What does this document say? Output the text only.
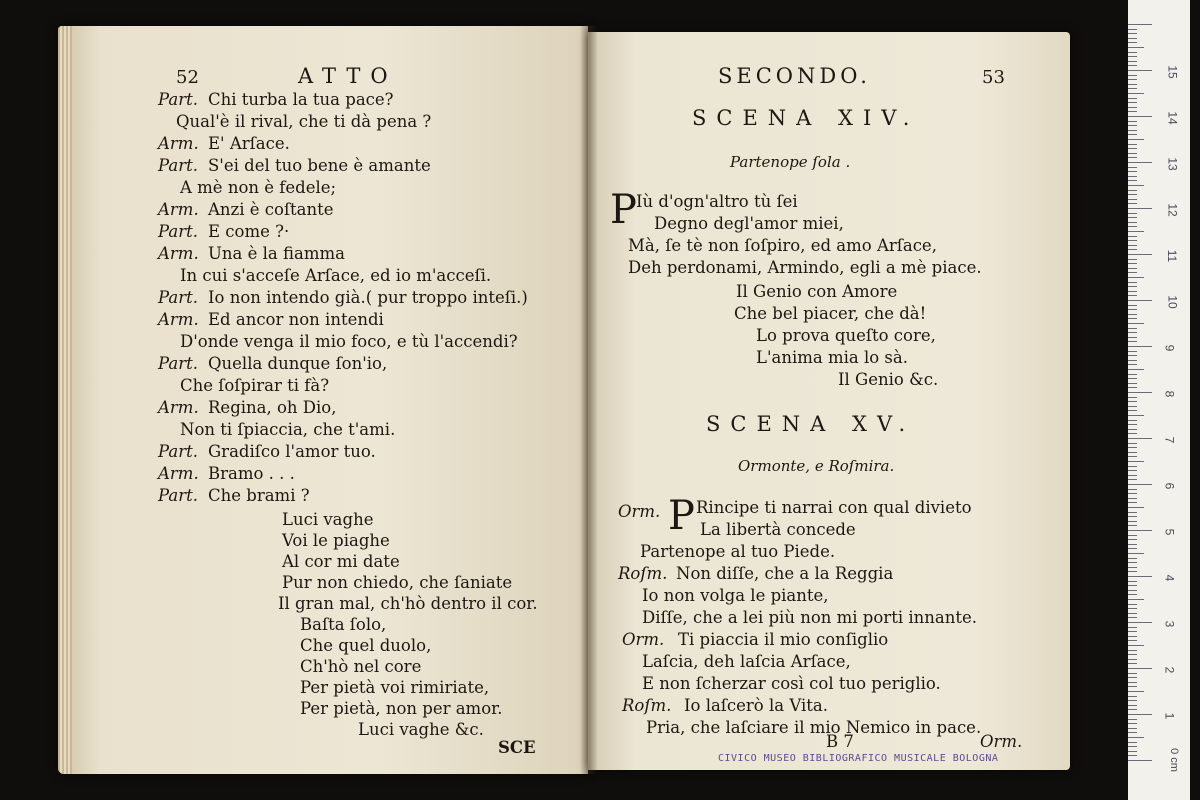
52	ATTO
Part. Chi turba la tua pace?
Qual'è il rival, che ti dà pena ?
Arm. E' Arſace.
Part. S'ei del tuo bene è amante
A mè non è fedele;
Arm. Anzi è coſtante
Part. E come ?·
Arm. Una è la fiamma
In cui s'acceſe Arſace, ed io m'acceſi.
Part. Io non intendo già.( pur troppo inteſi.)
Arm. Ed ancor non intendi
D'onde venga il mio foco, e tù l'accendi?
Part. Quella dunque ſon'io,
Che ſoſpirar ti fà?
Arm. Regina, oh Dio,
Non ti ſpiaccia, che t'ami.
Part. Gradiſco l'amor tuo.
Arm. Bramo . . .
Part. Che brami ?
Luci vaghe
Voi le piaghe
Al cor mi date
Pur non chiedo, che ſaniate
Il gran mal, ch'hò dentro il cor.
Baſta ſolo,
Che quel duolo,
Ch'hò nel core
Per pietà voi rimiriate,
Per pietà, non per amor.
Luci vaghe &c.
SCE
SECONDO.	53
SCENA XIV.
Partenope ſola .
P Iù d'ogn'altro tù ſei
Degno degl'amor miei,
Mà, ſe tè non ſoſpiro, ed amo Arſace,
Deh perdonami, Armindo, egli a mè piace.
Il Genio con Amore
Che bel piacer, che dà!
Lo prova queſto core,
L'anima mia lo sà.
Il Genio &c.
SCENA XV.
Ormonte, e Roſmira.
Orm. P Rincipe ti narrai con qual divieto
La libertà concede
Partenope al tuo Piede.
Roſm. Non diſſe, che a la Reggia
Io non volga le piante,
Diſſe, che a lei più non mi porti innante.
Orm. Ti piaccia il mio conſiglio
Laſcia, deh laſcia Arſace,
E non ſcherzar così col tuo periglio.
Roſm. Io laſcerò la Vita.
Pria, che laſciare il mio Nemico in pace.
B 7	Orm.
CIVICO MUSEO BIBLIOGRAFICO MUSICALE BOLOGNA
1
2
3
4
5
6
7
8
9
10
11
12
13
14
15
0 cm
